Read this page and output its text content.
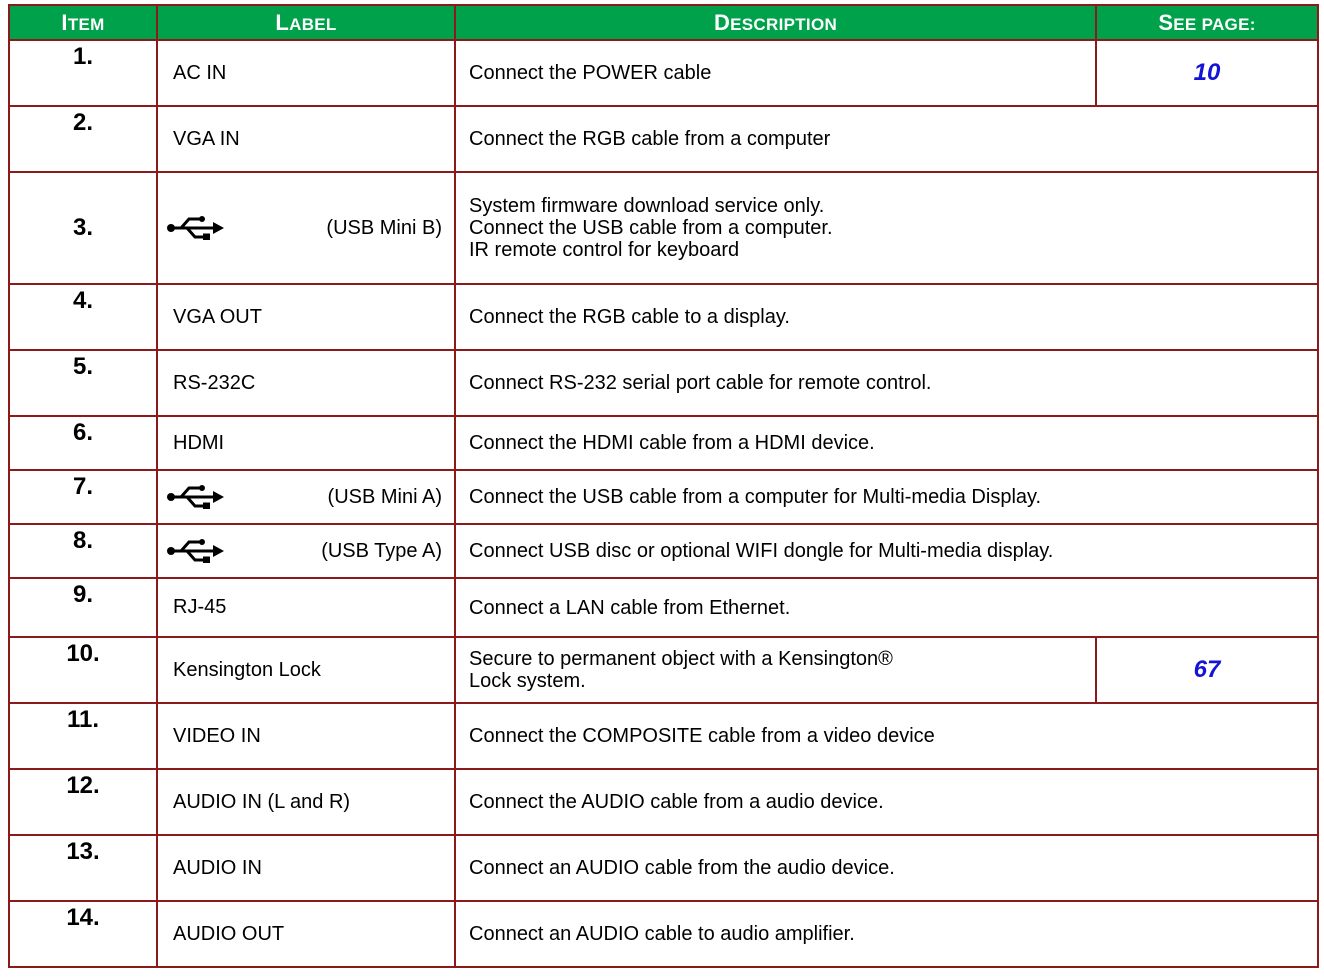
ITEM	LABEL	DESCRIPTION	SEE PAGE:
1.	AC IN	Connect the POWER cable	10
2.	VGA IN	Connect the RGB cable from a computer	
3.	(USB Mini B)	System firmware download service only.
Connect the USB cable from a computer.
IR remote control for keyboard	

4.	VGA OUT	Connect the RGB cable to a display.	
5.	RS-232C	Connect RS-232 serial port cable for remote control.	
6.	HDMI	Connect the HDMI cable from a HDMI device.	
7.	(USB Mini A)	Connect the USB cable from a computer for Multi-media Display.	
8.	(USB Type A)	Connect USB disc or optional WIFI dongle for Multi-media display.	
9.	RJ-45	Connect a LAN cable from Ethernet.	
10.	Kensington Lock	Secure to permanent object with a Kensington®
Lock system.	67
11.	VIDEO IN	Connect the COMPOSITE cable from a video device	
12.	AUDIO IN (L and R)	Connect the AUDIO cable from a audio device.	
13.	AUDIO IN	Connect an AUDIO cable from the audio device.	
14.	AUDIO OUT	Connect an AUDIO cable to audio amplifier.	
